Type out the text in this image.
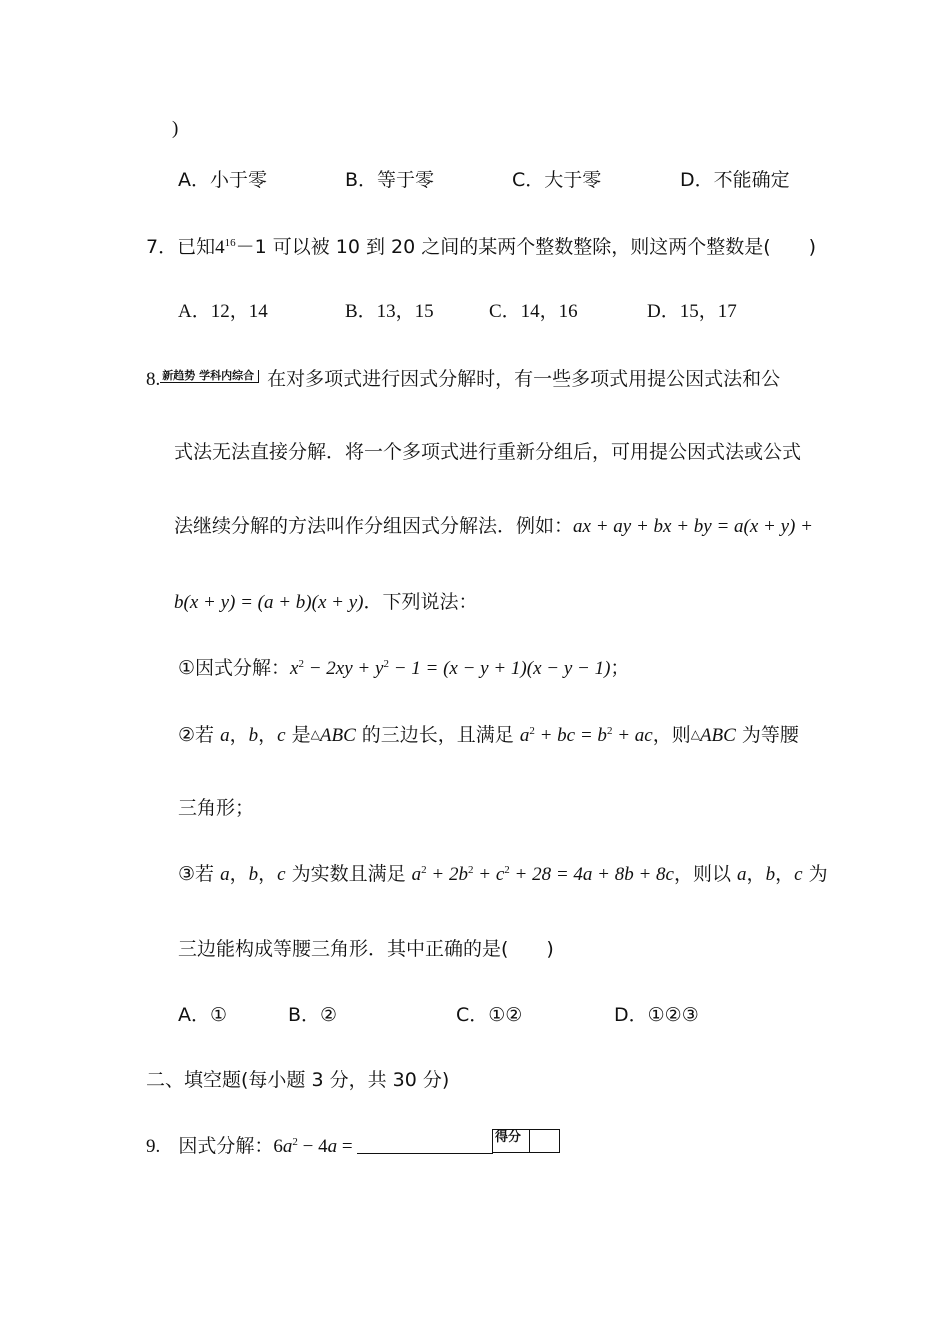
)
A．小于零	B．等于零	C．大于零	D．不能确定
7．已知$4^{16}-1$ 可以被 10 到 20 之间的某两个整数整除，则这两个整数是(　　)
A．12，14	B．13，15	C．14，16	D．15，17
8. 新趋势 学科内综合 在对多项式进行因式分解时，有一些多项式用提公因式法和公
式法无法直接分解．将一个多项式进行重新分组后，可用提公因式法或公式
法继续分解的方法叫作分组因式分解法．例如：ax + ay + bx + by = a(x + y) +
b(x + y) = (a + b)(x + y)．下列说法：
①因式分解：$x^2 - 2xy + y^2 - 1 = (x - y + 1)(x - y - 1)$；
②若 a，b，c 是△ABC 的三边长，且满足 $a^2$ + bc = $b^2$ + ac，则△ABC 为等腰
三角形；
③若 a，b，c 为实数且满足 $a^2 + 2b^2 + c^2 + 28 = 4a + 8b + 8c$，则以 a，b，c 为
三边能构成等腰三角形．其中正确的是(　　)
A．①	B．②	C．①②	D．①②③
二、填空题(每小题 3 分，共 30 分)
9. 因式分解：$6a^2 - 4a$ =	得分
